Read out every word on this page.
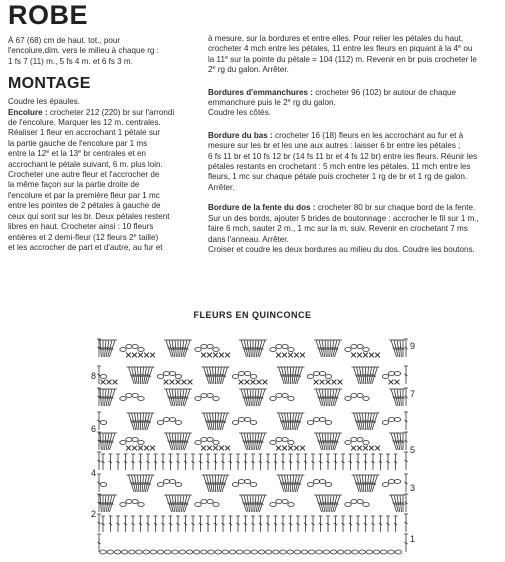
ROBE

À 67 (68) cm de haut. tot., pour

l'encolure,dim. vers le milieu à chaque rg :

1 fs 7 (11) m., 5 fs 4 m. et 6 fs 3 m.

MONTAGE

Coudre les épaules.

Encolure : crocheter 212 (220) br sur l'arrondi

de l'encolure. Marquer les 12 m. centrales.

Réaliser 1 fleur en accrochant 1 pétale sur

la partie gauche de l'encolure par 1 ms

entre la 12e et la 13e br centrales et en

accrochant le pétale suivant, 6 m. plus loin.

Crocheter une autre fleur et l'accrocher de

la même façon sur la partie droite de

l'encolure et par la première fleur par 1 mc

entre les pointes de 2 pétales à gauche de

ceux qui sont sur les br. Deux pétales restent

libres en haut. Crocheter ainsi : 10 fleurs

entières et 2 demi-fleur (12 fleurs 2e taille)

et les accrocher de part et d'autre, au fur et

à mesure, sur la bordures et entre elles. Pour relier les pétales du haut,

crocheter 4 mch entre les pétales, 11 entre les fleurs en piquant à la 4e ou

la 11e sur la pointe du pétale = 104 (112) m. Revenir en br puis crocheter le

2e rg du galon. Arrêter.

Bordures d'emmanchures : crocheter 96 (102) br autour de chaque

emmanchure puis le 2e rg du galon.

Coudre les côtés.

Bordure du bas : crocheter 16 (18) fleurs en les accrochant au fur et à

mesure sur les br et les une aux autres : laisser 6 br entre les pétales ;

6 fs 11 br et 10 fs 12 br (14 fs 11 br et 4 fs 12 br) entre les fleurs. Réunir les

pétales restants en crochetant : 5 mch entre les pétales, 11 mch entre les

fleurs, 1 mc sur chaque pétale puis crocheter 1 rg de br et 1 rg de galon.

Arrêter.

Bordure de la fente du dos : crocheter 80 br sur chaque bord de la fente.

Sur un des bords, ajouter 5 brides de boutonnage : accrocher le fil sur 1 m.,

faire 6 mch, sauter 2 m., 1 mc sur la m. suiv. Revenir en crochetant 7 ms

dans l'anneau. Arrêter.

Croiser et coudre les deux bordures au milieu du dos. Coudre les boutons.

FLEURS EN QUINCONCE
8
6
4
2
9
7
5
3
1
